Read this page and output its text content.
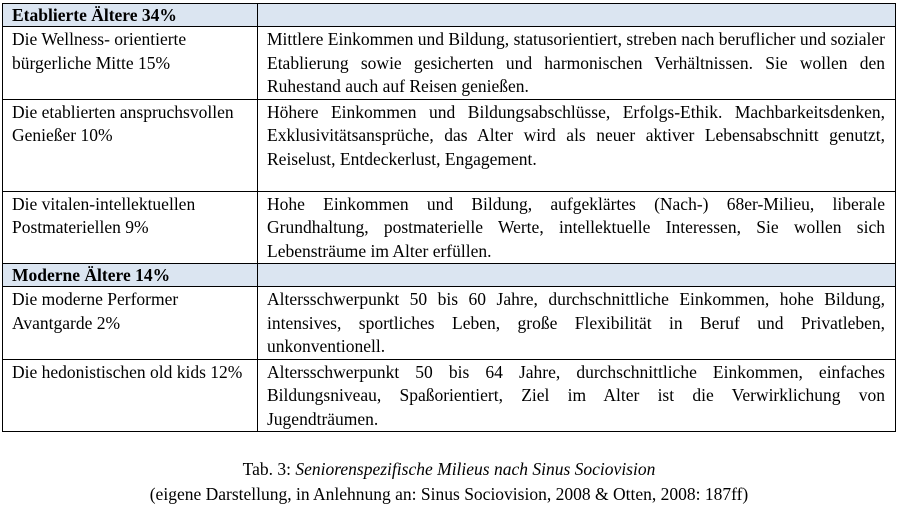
Etablierte Ältere 34%	
Die Wellness- orientierte bürgerliche Mitte 15%	Mittlere Einkommen und Bildung, statusorientiert, streben nach beruflicher und sozialer Etablierung sowie gesicherten und harmonischen Verhältnissen. Sie wollen den Ruhestand auch auf Reisen genießen.
Die etablierten anspruchsvollen Genießer 10%	Höhere Einkommen und Bildungsabschlüsse, Erfolgs-Ethik. Machbarkeitsdenken, Exklusivitätsansprüche, das Alter wird als neuer aktiver Lebensabschnitt genutzt, Reiselust, Entdeckerlust, Engagement.
Die vitalen-intellektuellen Postmateriellen 9%	Hohe Einkommen und Bildung, aufgeklärtes (Nach-) 68er-Milieu, liberale Grundhaltung, postmaterielle Werte, intellektuelle Interessen, Sie wollen sich Lebensträume im Alter erfüllen.
Moderne Ältere 14%	
Die moderne Performer Avantgarde 2%	Altersschwerpunkt 50 bis 60 Jahre, durchschnittliche Einkommen, hohe Bildung, intensives, sportliches Leben, große Flexibilität in Beruf und Privatleben, unkonventionell.
Die hedonistischen old kids 12%	Altersschwerpunkt 50 bis 64 Jahre, durchschnittliche Einkommen, einfaches Bildungsniveau, Spaßorientiert, Ziel im Alter ist die Verwirklichung von Jugendträumen.
Tab. 3: Seniorenspezifische Milieus nach Sinus Sociovision
(eigene Darstellung, in Anlehnung an: Sinus Sociovision, 2008 & Otten, 2008: 187ff)
